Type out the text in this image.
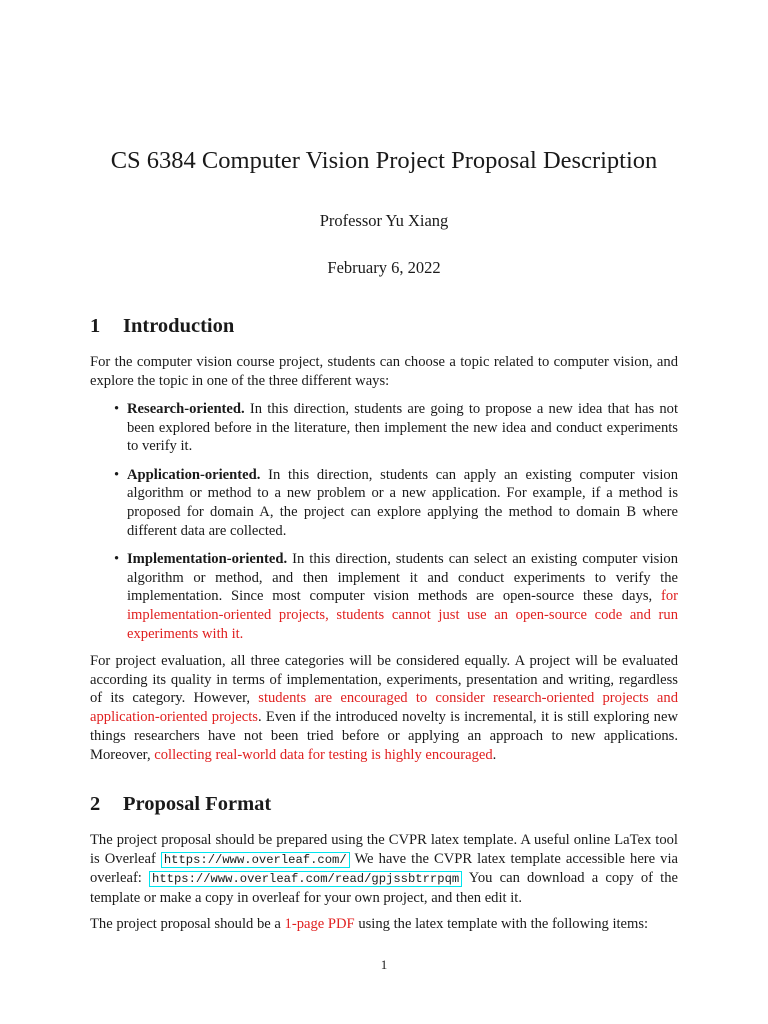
CS 6384 Computer Vision Project Proposal Description
Professor Yu Xiang
February 6, 2022
1 Introduction

For the computer vision course project, students can choose a topic related to computer vision, and explore the topic in one of the three different ways:

• Research-oriented. In this direction, students are going to propose a new idea that has not been explored before in the literature, then implement the new idea and conduct experiments to verify it.
• Application-oriented. In this direction, students can apply an existing computer vision algorithm or method to a new problem or a new application. For example, if a method is proposed for domain A, the project can explore applying the method to domain B where different data are collected.
• Implementation-oriented. In this direction, students can select an existing computer vision algorithm or method, and then implement it and conduct experiments to verify the implementation. Since most computer vision methods are open-source these days, for implementation-oriented projects, students cannot just use an open-source code and run experiments with it.

For project evaluation, all three categories will be considered equally. A project will be evaluated according its quality in terms of implementation, experiments, presentation and writing, regardless of its category. However, students are encouraged to consider research-oriented projects and application-oriented projects. Even if the introduced novelty is incremental, it is still exploring new things researchers have not been tried before or applying an approach to new applications. Moreover, collecting real-world data for testing is highly encouraged.

2 Proposal Format

The project proposal should be prepared using the CVPR latex template. A useful online LaTex tool is Overleaf https://www.overleaf.com/ We have the CVPR latex template accessible here via overleaf: https://www.overleaf.com/read/gpjssbtrrpqm You can download a copy of the template or make a copy in overleaf for your own project, and then edit it.

The project proposal should be a 1-page PDF using the latex template with the following items:

1
